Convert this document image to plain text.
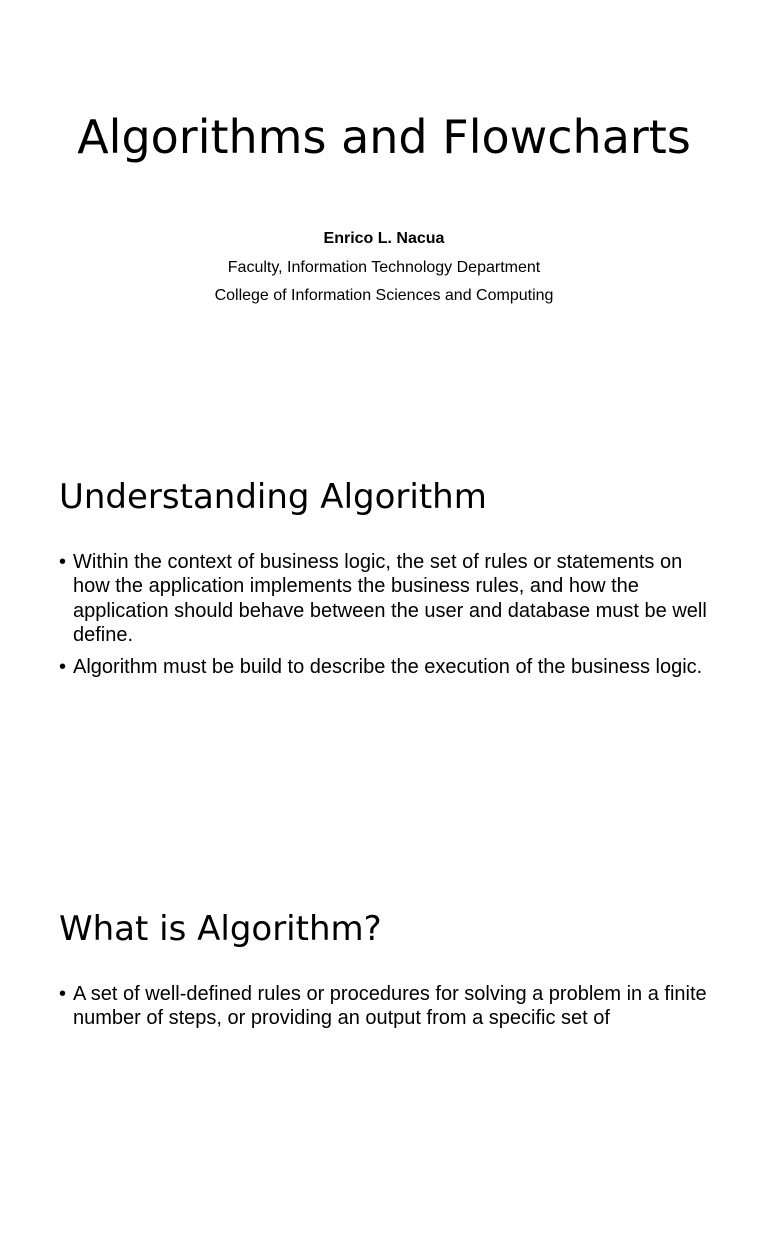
Algorithms and Flowcharts

Enrico L. Nacua

Faculty, Information Technology Department

College of Information Sciences and Computing

Understanding Algorithm
• Within the context of business logic, the set of rules or statements on how the application implements the business rules, and how the application should behave between the user and database must be well define.
• Algorithm must be build to describe the execution of the business logic.
What is Algorithm?
• A set of well-defined rules or procedures for solving a problem in a finite number of steps, or providing an output from a specific set of
